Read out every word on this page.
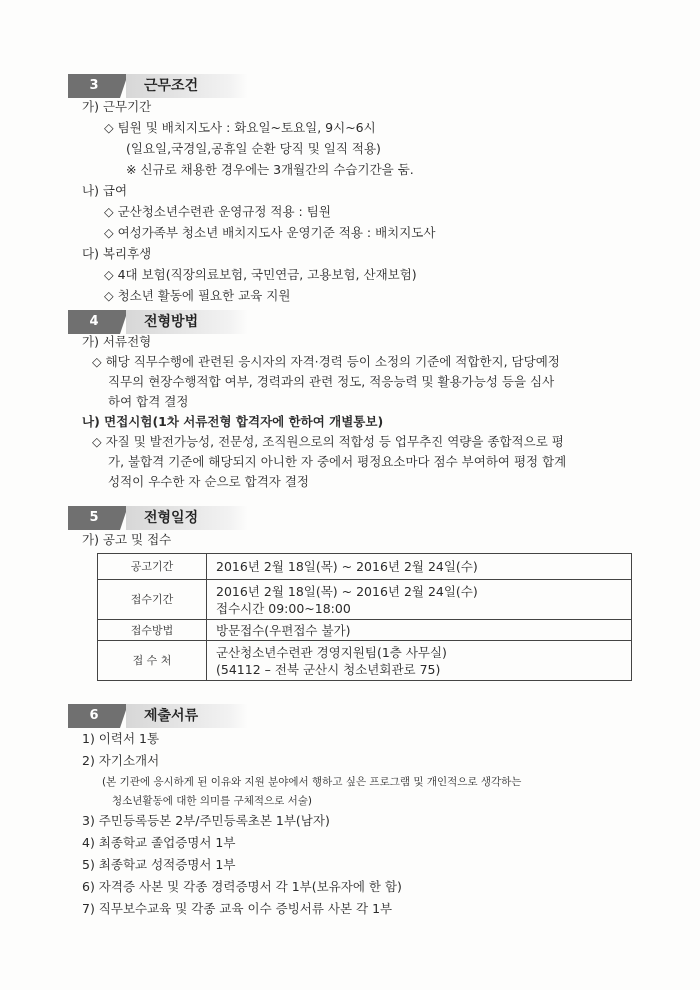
3	근무조건
가) 근무기간
◇ 팀원 및 배치지도사 : 화요일~토요일, 9시~6시
(일요일,국경일,공휴일 순환 당직 및 일직 적용)
※ 신규로 채용한 경우에는 3개월간의 수습기간을 둠.
나) 급여
◇ 군산청소년수련관 운영규정 적용 : 팀원
◇ 여성가족부 청소년 배치지도사 운영기준 적용 : 배치지도사
다) 복리후생
◇ 4대 보험(직장의료보험, 국민연금, 고용보험, 산재보험)
◇ 청소년 활동에 필요한 교육 지원
4	전형방법
가) 서류전형
◇ 해당 직무수행에 관련된 응시자의 자격·경력 등이 소정의 기준에 적합한지, 담당예정
직무의 현장수행적합 여부, 경력과의 관련 정도, 적응능력 및 활용가능성 등을 심사
하여 합격 결정
나) 면접시험(1차 서류전형 합격자에 한하여 개별통보)
◇ 자질 및 발전가능성, 전문성, 조직원으로의 적합성 등 업무추진 역량을 종합적으로 평
가, 불합격 기준에 해당되지 아니한 자 중에서 평정요소마다 점수 부여하여 평정 합계
성적이 우수한 자 순으로 합격자 결정
5	전형일정
가) 공고 및 접수
공고기간	2016년 2월 18일(목) ~ 2016년 2월 24일(수)
접수기간	2016년 2월 18일(목) ~ 2016년 2월 24일(수)
접수시간 09:00~18:00

접수방법	방문접수(우편접수 불가)
접 수 처	군산청소년수련관 경영지원팀(1층 사무실)
(54112 – 전북 군산시 청소년회관로 75)
6	제출서류
1) 이력서 1통
2) 자기소개서
(본 기관에 응시하게 된 이유와 지원 분야에서 행하고 싶은 프로그램 및 개인적으로 생각하는
청소년활동에 대한 의미를 구체적으로 서술)
3) 주민등록등본 2부/주민등록초본 1부(남자)
4) 최종학교 졸업증명서 1부
5) 최종학교 성적증명서 1부
6) 자격증 사본 및 각종 경력증명서 각 1부(보유자에 한 함)
7) 직무보수교육 및 각종 교육 이수 증빙서류 사본 각 1부
